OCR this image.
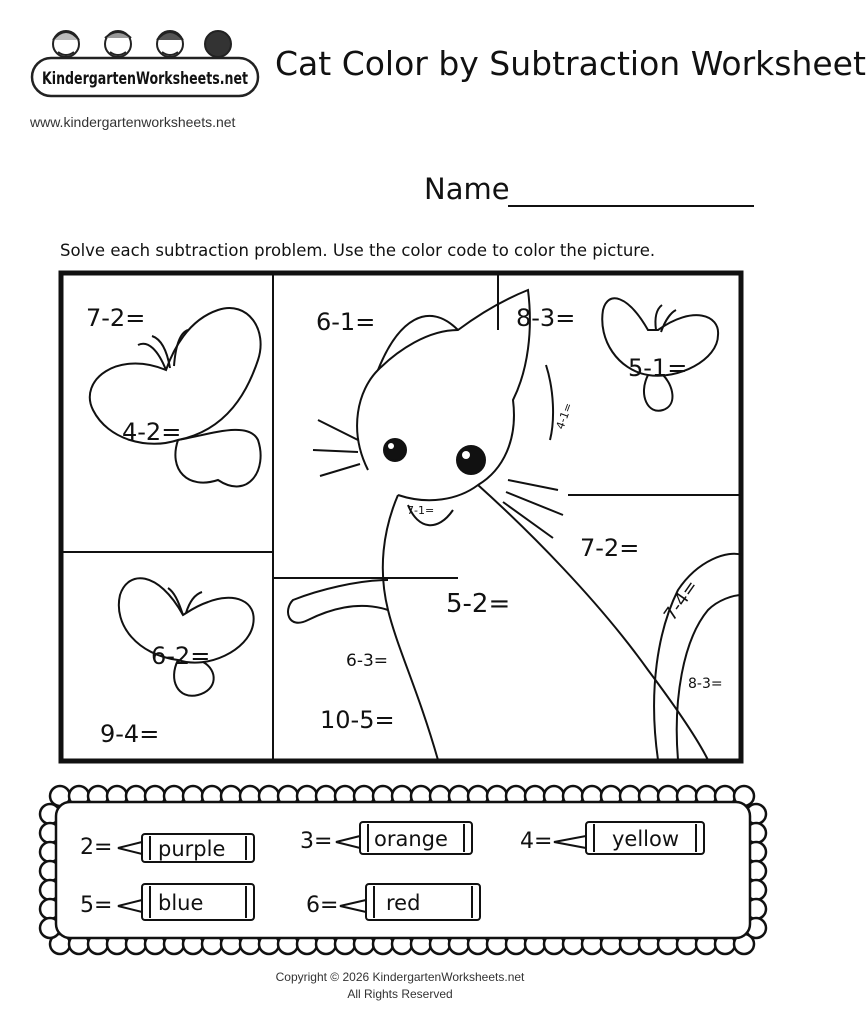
KindergartenWorksheets.net
www.kindergartenworksheets.net
Cat Color by Subtraction Worksheet
Name
Solve each subtraction problem. Use the color code to color the picture.
7-2=	6-1=	8-3=
5-1=
4-2=
4-1=
7-1=
7-2=
5-2=	7-4=
6-2=	6-3=
8-3=
9-4=	10-5=
2= purple	3= orange	4=	yellow
5= blue	6= red
Copyright © 2026 KindergartenWorksheets.net
All Rights Reserved
